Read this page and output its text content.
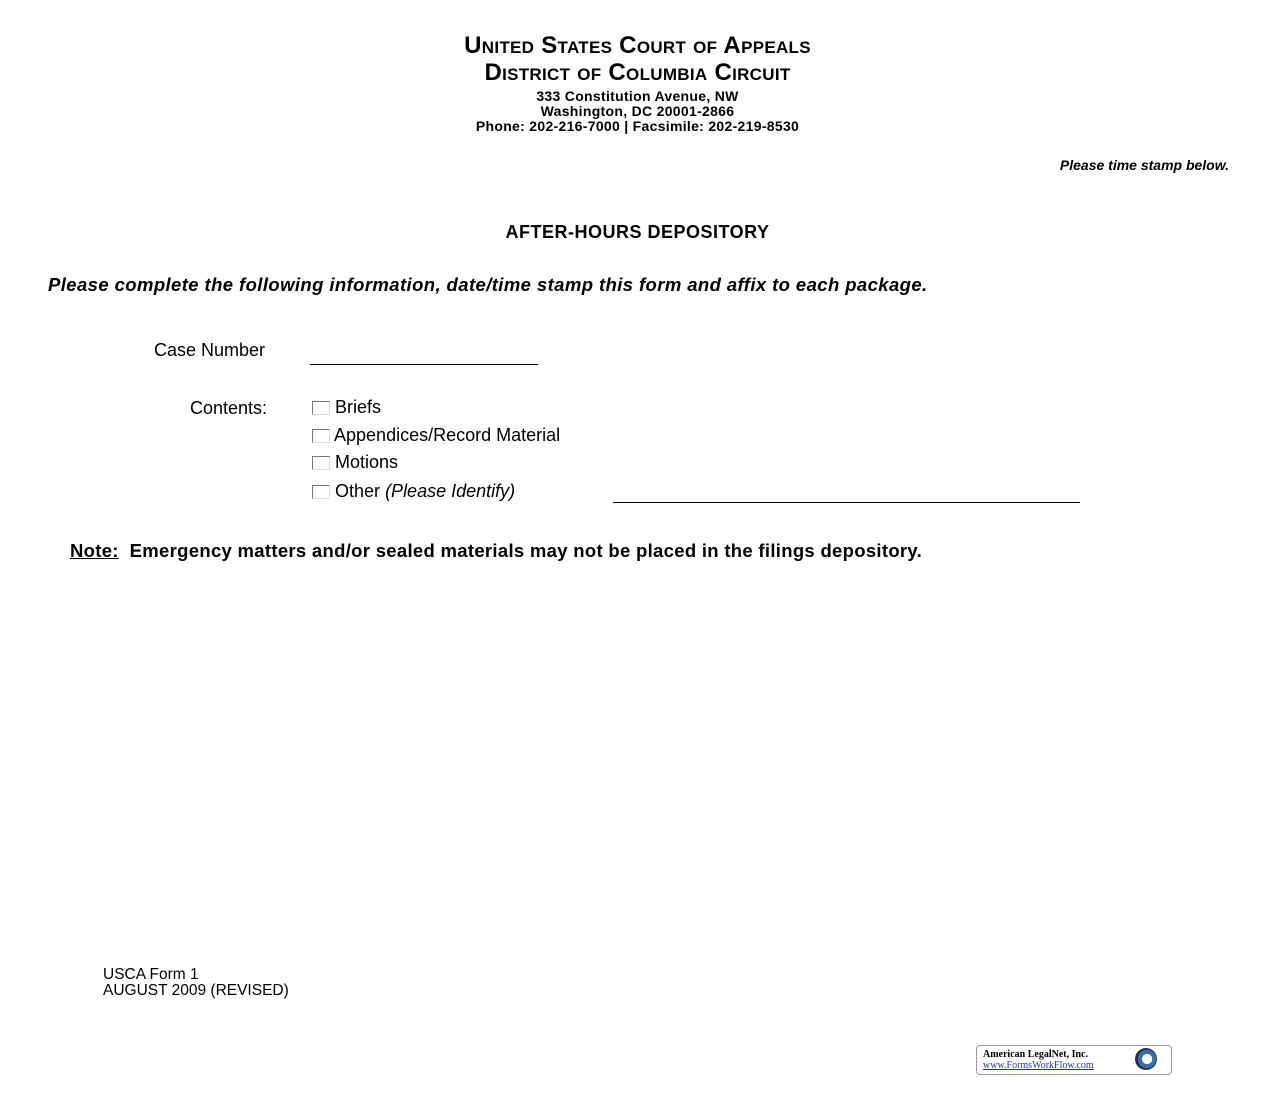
United States Court of Appeals
District of Columbia Circuit
333 Constitution Avenue, NW
Washington, DC 20001-2866
Phone: 202-216-7000 | Facsimile: 202-219-8530
Please time stamp below.
AFTER-HOURS DEPOSITORY
Please complete the following information, date/time stamp this form and affix to each package.
Case Number
Contents:	Briefs
Appendices/Record Material
Motions
Other (Please Identify)
Note: Emergency matters and/or sealed materials may not be placed in the filings depository.
USCA Form 1
AUGUST 2009 (REVISED)
American LegalNet, Inc.
www.FormsWorkFlow.com
